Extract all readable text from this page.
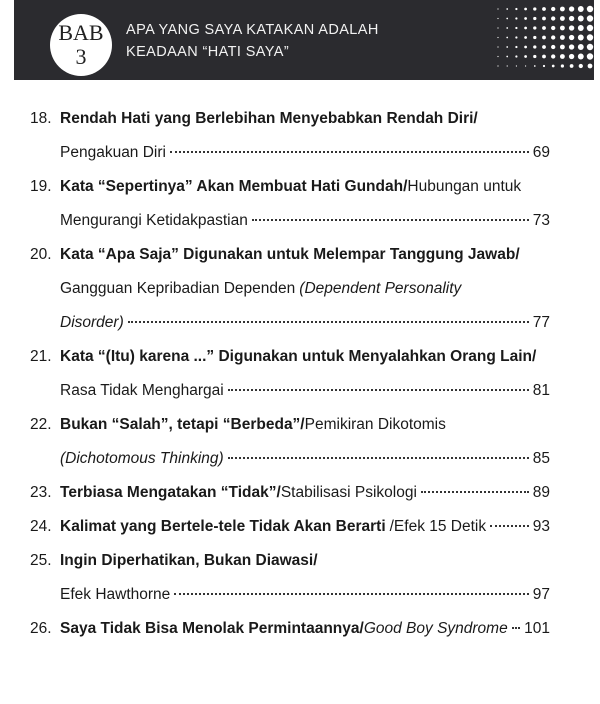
BAB
3
APA YANG SAYA KATAKAN ADALAH
KEADAAN “HATI SAYA”
18. Rendah Hati yang Berlebihan Menyebabkan Rendah Diri/
Pengakuan Diri	69
19. Kata “Sepertinya” Akan Membuat Hati Gundah/ Hubungan untuk
Mengurangi Ketidakpastian	73
20. Kata “Apa Saja” Digunakan untuk Melempar Tanggung Jawab/
Gangguan Kepribadian Dependen (Dependent Personality
Disorder)	77
21. Kata “(Itu) karena ...” Digunakan untuk Menyalahkan Orang Lain/
Rasa Tidak Menghargai	81
22. Bukan “Salah”, tetapi “Berbeda”/ Pemikiran Dikotomis
(Dichotomous Thinking)	85
23. Terbiasa Mengatakan “Tidak”/ Stabilisasi Psikologi	89
24. Kalimat yang Bertele-tele Tidak Akan Berarti /Efek 15 Detik	93
25. Ingin Diperhatikan, Bukan Diawasi/
Efek Hawthorne	97
26. Saya Tidak Bisa Menolak Permintaannya/ Good Boy Syndrome 101
